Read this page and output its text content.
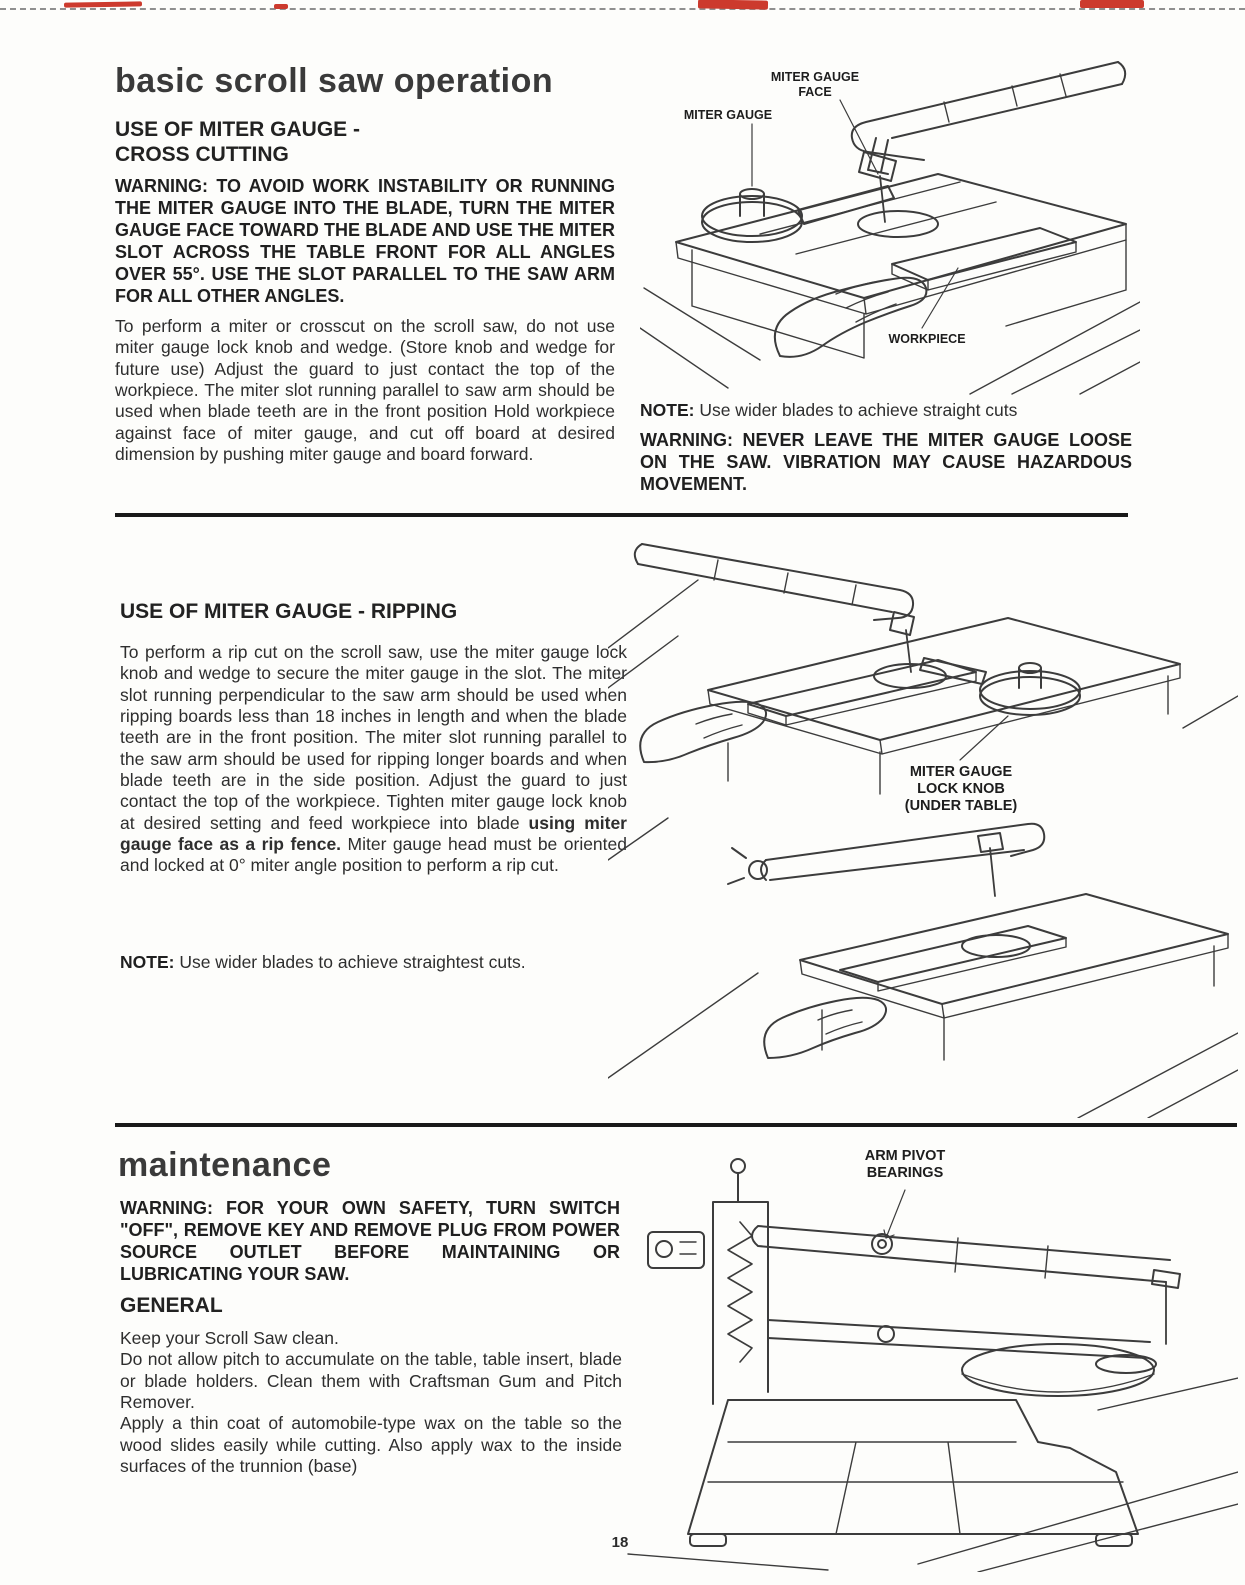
basic scroll saw operation
USE OF MITER GAUGE -
CROSS CUTTING

WARNING: TO AVOID WORK INSTABILITY OR RUNNING THE MITER GAUGE INTO THE BLADE, TURN THE MITER GAUGE FACE TOWARD THE BLADE AND USE THE MITER SLOT ACROSS THE TABLE FRONT FOR ALL ANGLES OVER 55°. USE THE SLOT PARALLEL TO THE SAW ARM FOR ALL OTHER ANGLES.

To perform a miter or crosscut on the scroll saw, do not use miter gauge lock knob and wedge. (Store knob and wedge for future use) Adjust the guard to just contact the top of the workpiece. The miter slot running parallel to saw arm should be used when blade teeth are in the front position Hold workpiece against face of miter gauge, and cut off board at desired dimension by pushing miter gauge and board forward.

MITER GAUGE
FACE
MITER GAUGE
WORKPIECE

NOTE: Use wider blades to achieve straight cuts

WARNING: NEVER LEAVE THE MITER GAUGE LOOSE ON THE SAW. VIBRATION MAY CAUSE HAZARDOUS MOVEMENT.

USE OF MITER GAUGE - RIPPING

To perform a rip cut on the scroll saw, use the miter gauge lock knob and wedge to secure the miter gauge in the slot. The miter slot running perpendicular to the saw arm should be used when ripping boards less than 18 inches in length and when the blade teeth are in the front position. The miter slot running parallel to the saw arm should be used for ripping longer boards and when blade teeth are in the side position. Adjust the guard to just contact the top of the workpiece. Tighten miter gauge lock knob at desired setting and feed workpiece into blade using miter gauge face as a rip fence. Miter gauge head must be oriented and locked at 0° miter angle position to perform a rip cut.

NOTE: Use wider blades to achieve straightest cuts.

MITER GAUGE
LOCK KNOB
(UNDER TABLE)
maintenance

WARNING: FOR YOUR OWN SAFETY, TURN SWITCH "OFF", REMOVE KEY AND REMOVE PLUG FROM POWER SOURCE OUTLET BEFORE MAINTAINING OR LUBRICATING YOUR SAW.

GENERAL

Keep your Scroll Saw clean.

Do not allow pitch to accumulate on the table, table insert, blade or blade holders. Clean them with Craftsman Gum and Pitch Remover.

Apply a thin coat of automobile-type wax on the table so the wood slides easily while cutting. Also apply wax to the inside surfaces of the trunnion (base)

ARM PIVOT
BEARINGS
18
